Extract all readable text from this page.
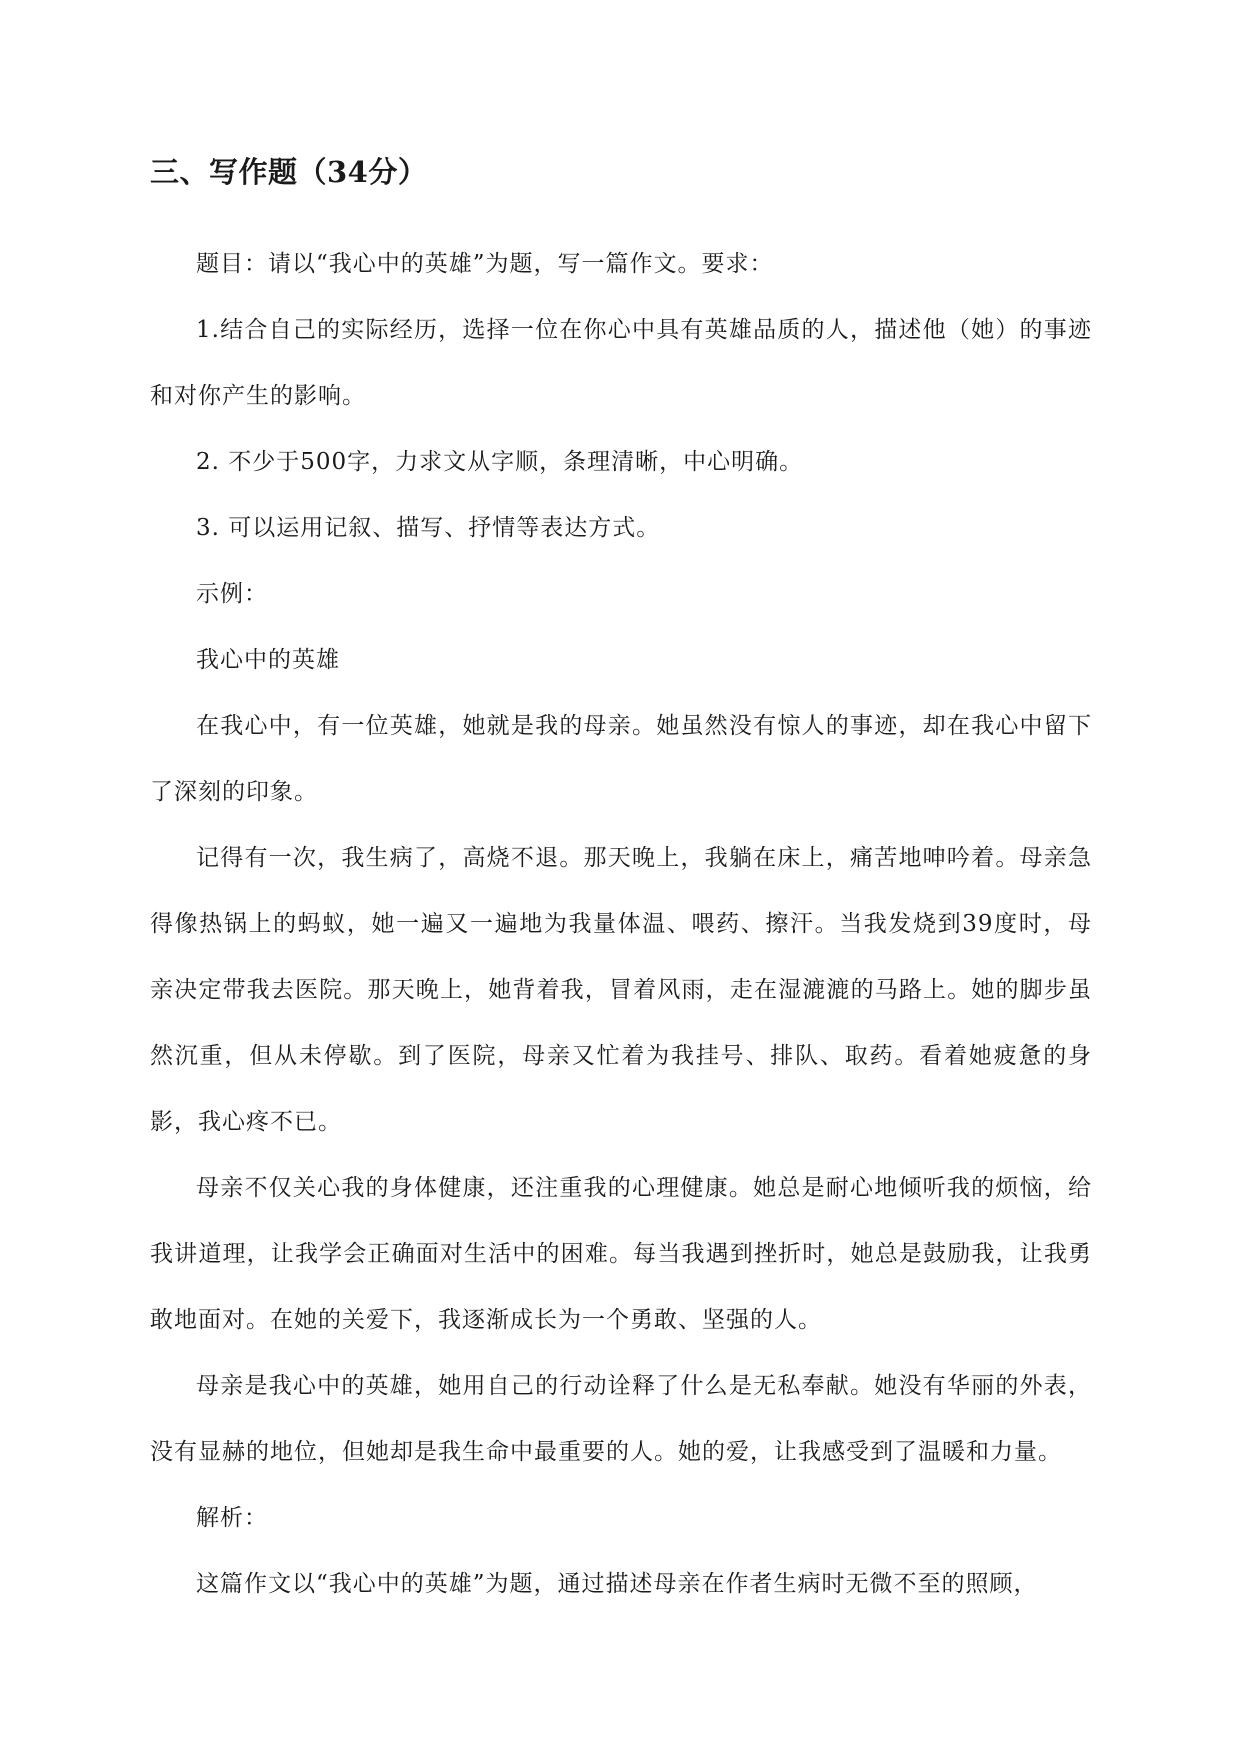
三、写作题（34分）

题目：请以“我心中的英雄”为题，写一篇作文。要求：

1.结合自己的实际经历，选择一位在你心中具有英雄品质的人，描述他（她）的事迹和对你产生的影响。

2. 不少于500字，力求文从字顺，条理清晰，中心明确。

3. 可以运用记叙、描写、抒情等表达方式。

示例：

我心中的英雄

在我心中，有一位英雄，她就是我的母亲。她虽然没有惊人的事迹，却在我心中留下了深刻的印象。

记得有一次，我生病了，高烧不退。那天晚上，我躺在床上，痛苦地呻吟着。母亲急得像热锅上的蚂蚁，她一遍又一遍地为我量体温、喂药、擦汗。当我发烧到39度时，母亲决定带我去医院。那天晚上，她背着我，冒着风雨，走在湿漉漉的马路上。她的脚步虽然沉重，但从未停歇。到了医院，母亲又忙着为我挂号、排队、取药。看着她疲惫的身影，我心疼不已。

母亲不仅关心我的身体健康，还注重我的心理健康。她总是耐心地倾听我的烦恼，给我讲道理，让我学会正确面对生活中的困难。每当我遇到挫折时，她总是鼓励我，让我勇敢地面对。在她的关爱下，我逐渐成长为一个勇敢、坚强的人。

母亲是我心中的英雄，她用自己的行动诠释了什么是无私奉献。她没有华丽的外表，没有显赫的地位，但她却是我生命中最重要的人。她的爱，让我感受到了温暖和力量。

解析：

这篇作文以“我心中的英雄”为题，通过描述母亲在作者生病时无微不至的照顾，
